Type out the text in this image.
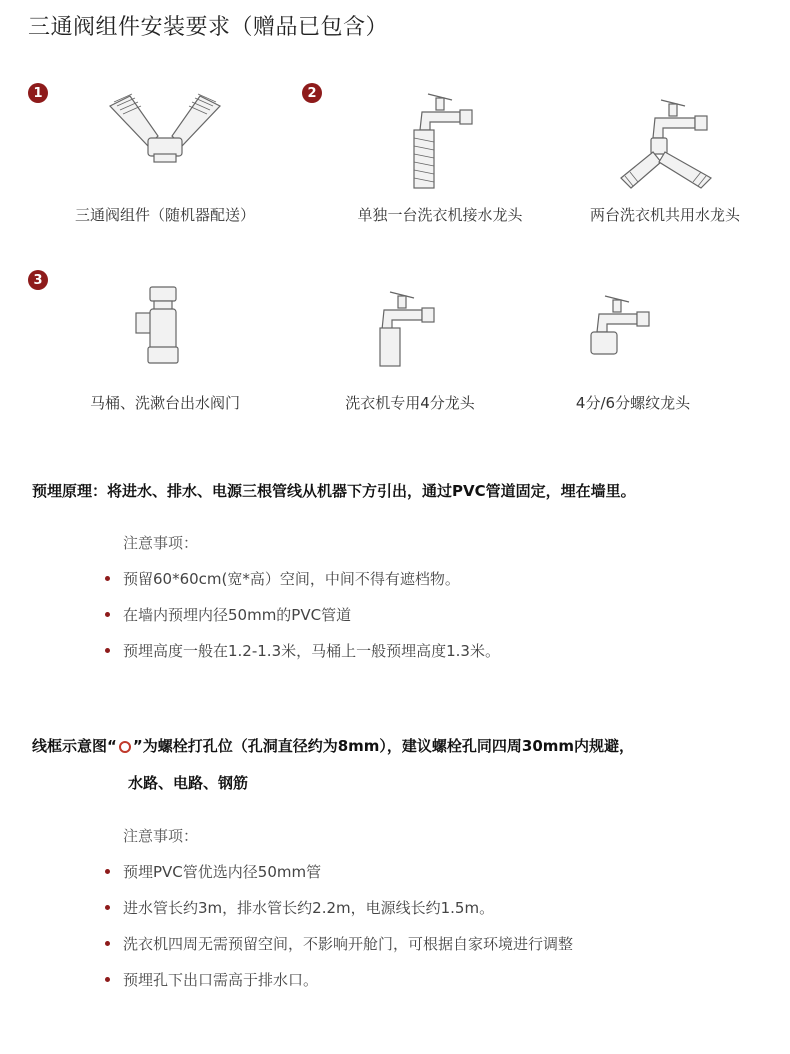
三通阀组件安装要求（赠品已包含）
1	2
3
三通阀组件（随机器配送）	单独一台洗衣机接水龙头	两台洗衣机共用水龙头
马桶、洗漱台出水阀门	洗衣机专用4分龙头	4分/6分螺纹龙头
预埋原理：将进水、排水、电源三根管线从机器下方引出，通过PVC管道固定，埋在墙里。
注意事项：
预留60*60cm(宽*高）空间，中间不得有遮档物。
在墙内预埋内径50mm的PVC管道
预埋高度一般在1.2-1.3米，马桶上一般预埋高度1.3米。
线框示意图“ ”为螺栓打孔位（孔洞直径约为8mm），建议螺栓孔同四周30mm内规避，
水路、电路、钢筋
注意事项：
预埋PVC管优选内径50mm管
进水管长约3m，排水管长约2.2m，电源线长约1.5m。
洗衣机四周无需预留空间，不影响开舱门，可根据自家环境进行调整
预埋孔下出口需高于排水口。
